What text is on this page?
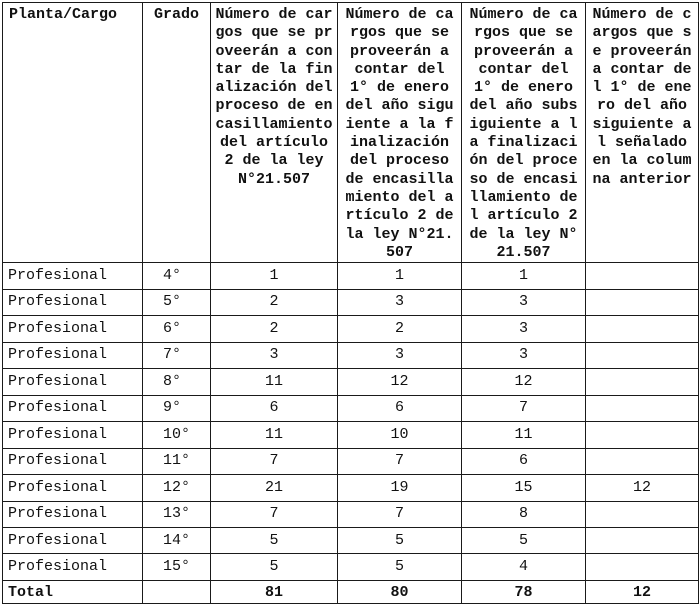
Planta/Cargo	Grado	Número de cargos que se proveerán a contar de la finalización del proceso de encasillamiento del artículo 2 de la ley N°21.507	Número de cargos que se proveerán a contar del 1° de enero del año siguiente a la finalización del proceso de encasillamiento del artículo 2 de la ley N°21.507	Número de cargos que se proveerán a contar del 1° de enero del año subsiguiente a la finalización del proceso de encasillamiento del artículo 2 de la ley N°21.507	Número de cargos que se proveerán a contar del 1° de enero del año siguiente al señalado en la columna anterior
Profesional	4°	1	1	1	
Profesional	5°	2	3	3	
Profesional	6°	2	2	3	
Profesional	7°	3	3	3	
Profesional	8°	11	12	12	
Profesional	9°	6	6	7	
Profesional	10°	11	10	11	
Profesional	11°	7	7	6	
Profesional	12°	21	19	15	12
Profesional	13°	7	7	8	
Profesional	14°	5	5	5	
Profesional	15°	5	5	4	
Total		81	80	78	12
